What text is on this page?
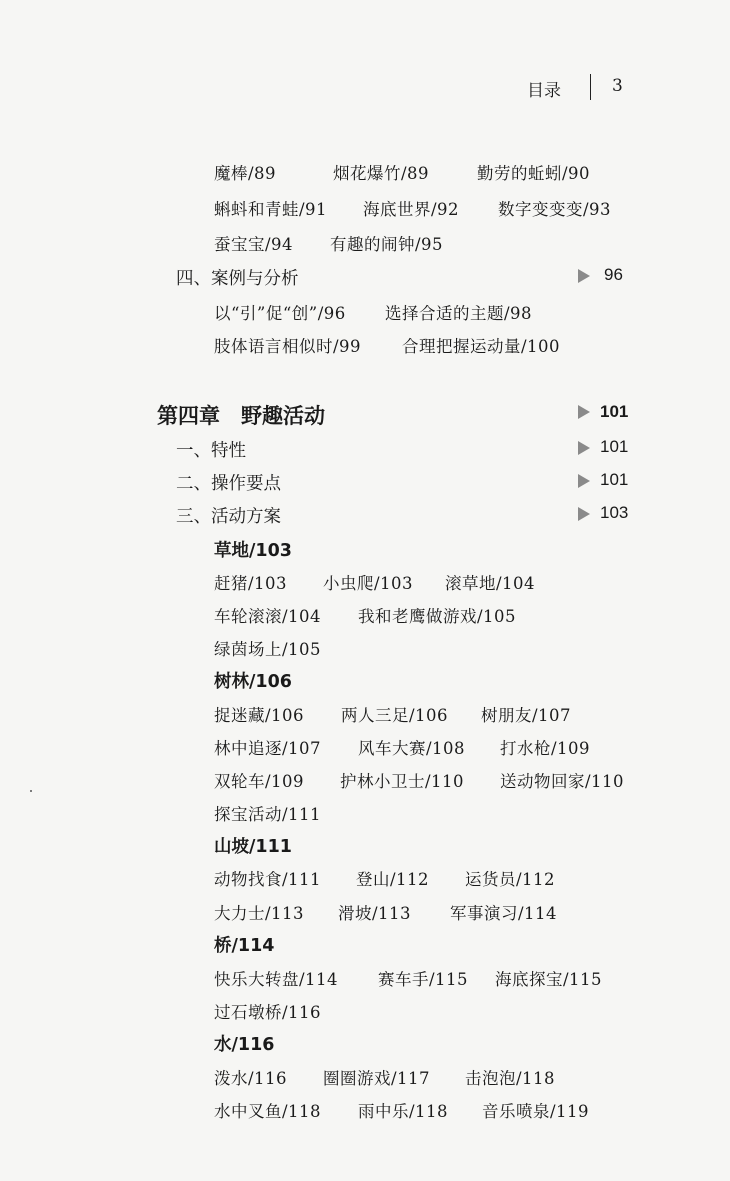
目录	3
魔棒/89	烟花爆竹/89	勤劳的蚯蚓/90
蝌蚪和青蛙/91 海底世界/92 数字变变变/93
蚕宝宝/94 有趣的闹钟/95
四、案例与分析	96
以“引”促“创”/96 选择合适的主题/98
肢体语言相似时/99 合理把握运动量/100
第四章　野趣活动	101
一、特性	101
二、操作要点	101
三、活动方案	103
草地/103
赶猪/103 小虫爬/103 滚草地/104
车轮滚滚/104 我和老鹰做游戏/105
绿茵场上/105
树林/106
捉迷藏/106 两人三足/106 树朋友/107
林中追逐/107 风车大赛/108 打水枪/109
双轮车/109 护林小卫士/110 送动物回家/110
探宝活动/111
山坡/111
动物找食/111 登山/112 运货员/112
大力士/113 滑坡/113 军事演习/114
桥/114
快乐大转盘/114 赛车手/115 海底探宝/115
过石墩桥/116
水/116
泼水/116 圈圈游戏/117 击泡泡/118
水中叉鱼/118 雨中乐/118 音乐喷泉/119
